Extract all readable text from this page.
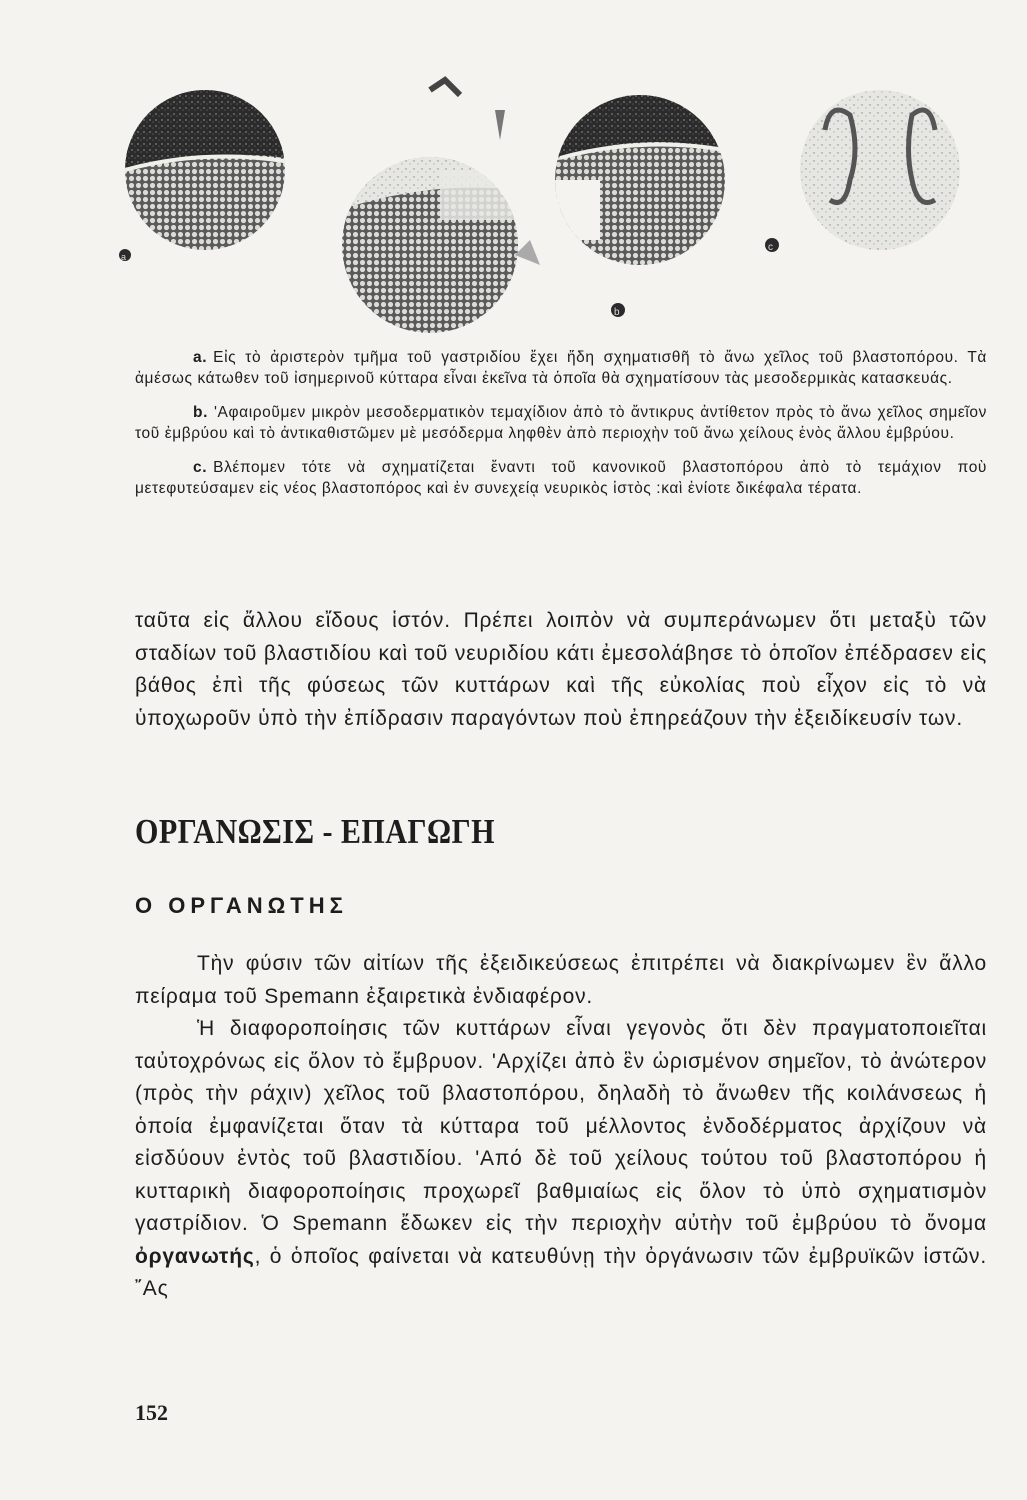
a
b
c

a. Εἰς τὸ ἀριστερὸν τμῆμα τοῦ γαστριδίου ἔχει ἤδη σχηματισθῆ τὸ ἄνω χεῖλος τοῦ βλαστοπόρου. Τὰ ἀμέσως κάτωθεν τοῦ ἰσημερινοῦ κύτταρα εἶναι ἐκεῖνα τὰ ὁποῖα θὰ σχηματίσουν τὰς μεσοδερμικὰς κατασκευάς.

b. 'Αφαιροῦμεν μικρὸν μεσοδερματικὸν τεμαχίδιον ἀπὸ τὸ ἄντικρυς ἀντίθετον πρὸς τὸ ἄνω χεῖλος σημεῖον τοῦ ἐμβρύου καὶ τὸ ἀντικαθιστῶμεν μὲ μεσόδερμα ληφθὲν ἀπὸ περιοχὴν τοῦ ἄνω χείλους ἑνὸς ἄλλου ἐμβρύου.

c. Βλέπομεν τότε νὰ σχηματίζεται ἔναντι τοῦ κανονικοῦ βλαστοπόρου ἀπὸ τὸ τεμάχιον ποὺ μετεφυτεύσαμεν εἰς νέος βλαστοπόρος καὶ ἐν συνεχείᾳ νευρικὸς ἱστὸς :καὶ ἐνίοτε δικέφαλα τέρατα.

ταῦτα εἰς ἄλλου εἴδους ἱστόν. Πρέπει λοιπὸν νὰ συμπεράνωμεν ὅτι μεταξὺ τῶν σταδίων τοῦ βλαστιδίου καὶ τοῦ νευριδίου κάτι ἐμεσολάβησε τὸ ὁποῖον ἐπέδρασεν εἰς βάθος ἐπὶ τῆς φύσεως τῶν κυττάρων καὶ τῆς εὐκολίας ποὺ εἶχον εἰς τὸ νὰ ὑποχωροῦν ὑπὸ τὴν ἐπίδρασιν παραγόντων ποὺ ἐπηρεάζουν τὴν ἐξειδίκευσίν των.

ΟΡΓΑΝΩΣΙΣ - ΕΠΑΓΩΓΗ
Ο ΟΡΓΑΝΩΤΗΣ

Τὴν φύσιν τῶν αἰτίων τῆς ἐξειδικεύσεως ἐπιτρέπει νὰ διακρίνωμεν ἓν ἄλλο πείραμα τοῦ Spemann ἐξαιρετικὰ ἐνδιαφέρον.

Ἡ διαφοροποίησις τῶν κυττάρων εἶναι γεγονὸς ὅτι δὲν πραγματοποιεῖται ταὐτοχρόνως εἰς ὅλον τὸ ἔμβρυον. 'Αρχίζει ἀπὸ ἓν ὡρισμένον σημεῖον, τὸ ἀνώτερον (πρὸς τὴν ράχιν) χεῖλος τοῦ βλαστοπόρου, δηλαδὴ τὸ ἄνωθεν τῆς κοιλάνσεως ἡ ὁποία ἐμφανίζεται ὅταν τὰ κύτταρα τοῦ μέλλοντος ἐνδοδέρματος ἀρχίζουν νὰ εἰσδύουν ἐντὸς τοῦ βλαστιδίου. 'Από δὲ τοῦ χείλους τούτου τοῦ βλαστοπόρου ἡ κυτταρικὴ διαφοροποίησις προχωρεῖ βαθμιαίως εἰς ὅλον τὸ ὑπὸ σχηματισμὸν γαστρίδιον. Ὁ Spemann ἔδωκεν εἰς τὴν περιοχὴν αὐτὴν τοῦ ἐμβρύου τὸ ὄνομα ὀργανωτής, ὁ ὁποῖος φαίνεται νὰ κατευθύνῃ τὴν ὀργάνωσιν τῶν ἐμβρυϊκῶν ἱστῶν. ῎Ας

152
